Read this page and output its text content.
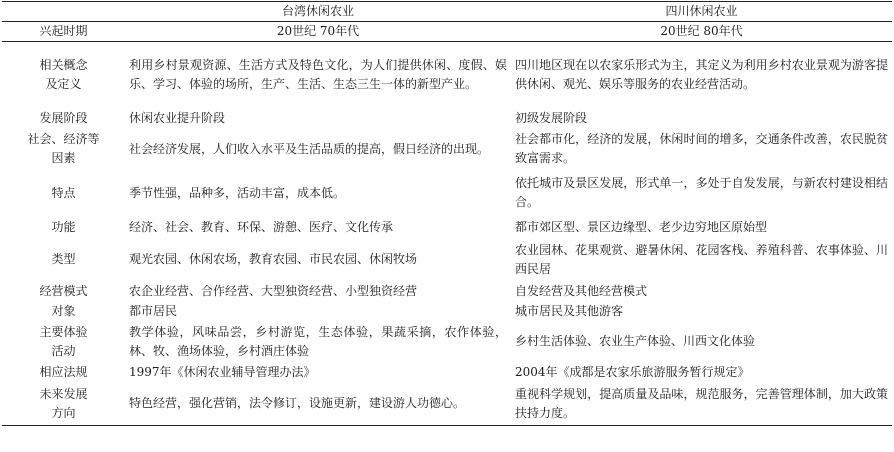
	台湾休闲农业	四川休闲农业
兴起时期	20世纪 70年代	20世纪 80年代
相关概念及定义	利用乡村景观资源、生活方式及特色文化，为人们提供休闲、度假、娱乐、学习、体验的场所，生产、生活、生态三生一体的新型产业。	四川地区现在以农家乐形式为主，其定义为利用乡村农业景观为游客提供休闲、观光、娱乐等服务的农业经营活动。
发展阶段	休闲农业提升阶段	初级发展阶段
社会、经济等因素	社会经济发展，人们收入水平及生活品质的提高，假日经济的出现。	社会都市化，经济的发展，休闲时间的增多，交通条件改善，农民脱贫致富需求。
特点	季节性强，品种多，活动丰富，成本低。	依托城市及景区发展，形式单一，多处于自发发展，与新农村建设相结合。
功能	经济、社会、教育、环保、游憩、医疗、文化传承	都市郊区型、景区边缘型、老少边穷地区原始型
类型	观光农园、休闲农场，教育农园、市民农园、休闲牧场	农业园林、花果观赏、避暑休闲、花园客栈、养殖科普、农事体验、川西民居
经营模式	农企业经营、合作经营、大型独资经营、小型独资经营	自发经营及其他经营模式
对象	都市居民	城市居民及其他游客
主要体验活动	教学体验，风味品尝，乡村游览，生态体验，果蔬采摘，农作体验，林、牧、渔场体验，乡村酒庄体验	乡村生活体验、农业生产体验、川西文化体验
相应法规	1997年《休闲农业辅导管理办法》	2004年《成都是农家乐旅游服务暂行规定》
未来发展方向	特色经营，强化营销，法令修订，设施更新，建设游人功德心。	重视科学规划，提高质量及品味，规范服务，完善管理体制，加大政策扶持力度。
